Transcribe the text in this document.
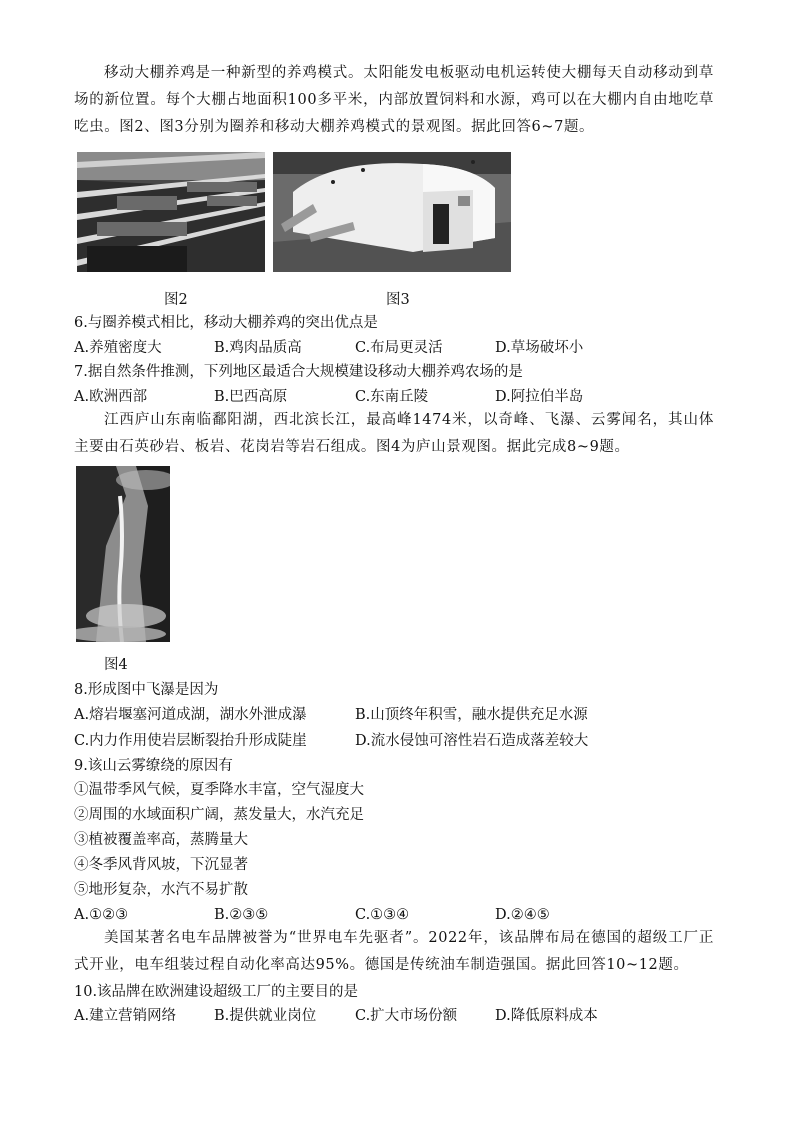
移动大棚养鸡是一种新型的养鸡模式。太阳能发电板驱动电机运转使大棚每天自动移动到草场的新位置。每个大棚占地面积100多平米，内部放置饲料和水源，鸡可以在大棚内自由地吃草吃虫。图2、图3分别为圈养和移动大棚养鸡模式的景观图。据此回答6~7题。
图2	图3
6.与圈养模式相比，移动大棚养鸡的突出优点是
A.养殖密度大	B.鸡肉品质高	C.布局更灵活	D.草场破坏小
7.据自然条件推测，下列地区最适合大规模建设移动大棚养鸡农场的是
A.欧洲西部	B.巴西高原	C.东南丘陵	D.阿拉伯半岛
江西庐山东南临鄱阳湖，西北滨长江，最高峰1474米，以奇峰、飞瀑、云雾闻名，其山体主要由石英砂岩、板岩、花岗岩等岩石组成。图4为庐山景观图。据此完成8~9题。
图4
8.形成图中飞瀑是因为
A.熔岩堰塞河道成湖，湖水外泄成瀑	B.山顶终年积雪，融水提供充足水源
C.内力作用使岩层断裂抬升形成陡崖	D.流水侵蚀可溶性岩石造成落差较大
9.该山云雾缭绕的原因有
①温带季风气候，夏季降水丰富，空气湿度大
②周围的水域面积广阔，蒸发量大，水汽充足
③植被覆盖率高，蒸腾量大
④冬季风背风坡，下沉显著
⑤地形复杂，水汽不易扩散
A.①②③	B.②③⑤	C.①③④	D.②④⑤
美国某著名电车品牌被誉为“世界电车先驱者”。2022年，该品牌布局在德国的超级工厂正式开业，电车组装过程自动化率高达95%。德国是传统油车制造强国。据此回答10~12题。
10.该品牌在欧洲建设超级工厂的主要目的是
A.建立营销网络	B.提供就业岗位	C.扩大市场份额	D.降低原料成本
